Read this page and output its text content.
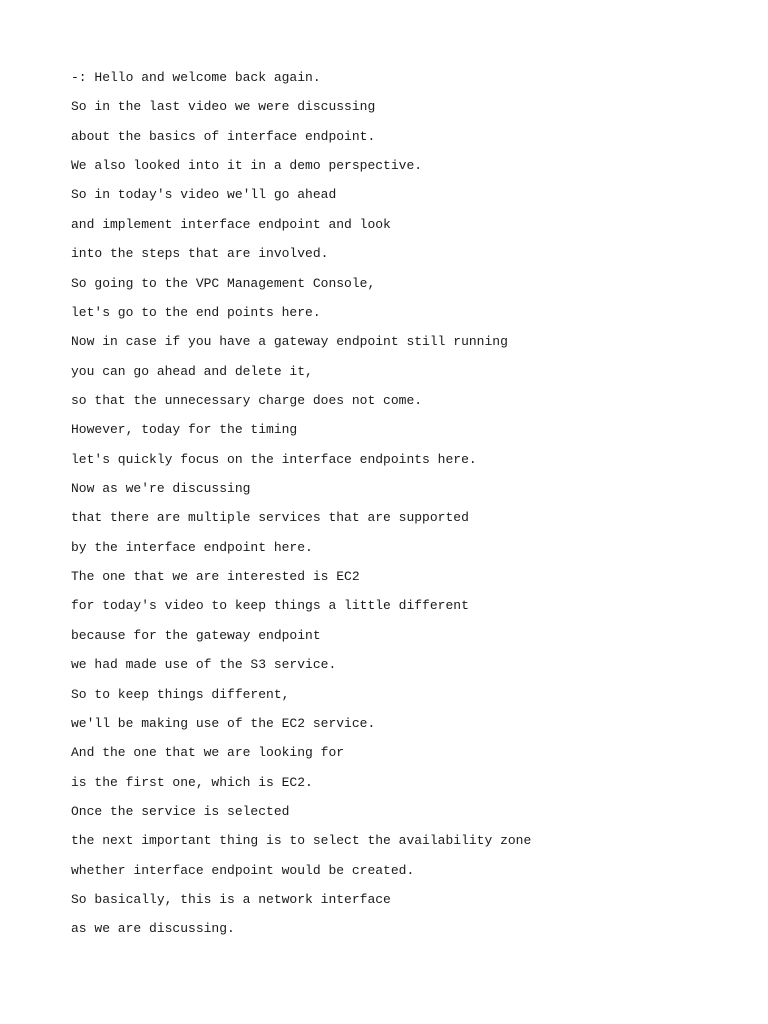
-: Hello and welcome back again.
So in the last video we were discussing
about the basics of interface endpoint.
We also looked into it in a demo perspective.
So in today's video we'll go ahead
and implement interface endpoint and look
into the steps that are involved.
So going to the VPC Management Console,
let's go to the end points here.
Now in case if you have a gateway endpoint still running
you can go ahead and delete it,
so that the unnecessary charge does not come.
However, today for the timing
let's quickly focus on the interface endpoints here.
Now as we're discussing
that there are multiple services that are supported
by the interface endpoint here.
The one that we are interested is EC2
for today's video to keep things a little different
because for the gateway endpoint
we had made use of the S3 service.
So to keep things different,
we'll be making use of the EC2 service.
And the one that we are looking for
is the first one, which is EC2.
Once the service is selected
the next important thing is to select the availability zone
whether interface endpoint would be created.
So basically, this is a network interface
as we are discussing.
